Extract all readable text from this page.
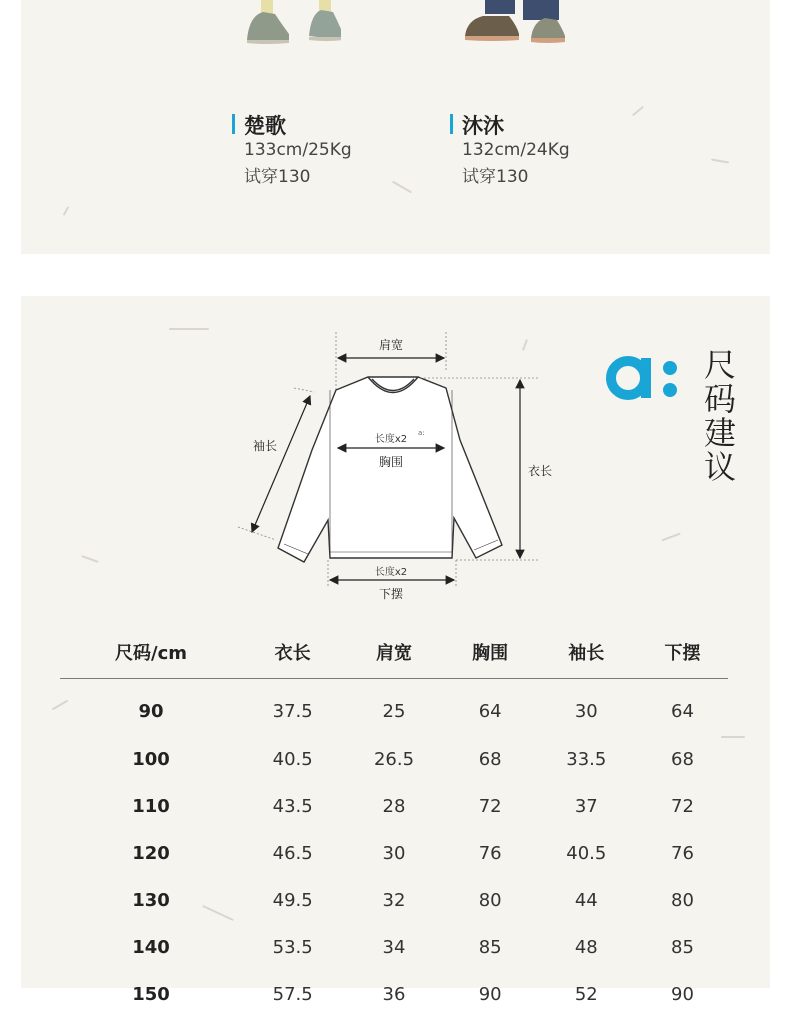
楚歌
133cm/25Kg
试穿130
沐沐
132cm/24Kg
试穿130
尺
码
建
议
肩宽
a:
袖长	长度x2
胸围
衣长
长度x2
下摆
尺码/cm	衣长	肩宽	胸围	袖长	下摆
90	37.5	25	64	30	64
100	40.5	26.5	68	33.5	68
110	43.5	28	72	37	72
120	46.5	30	76	40.5	76
130	49.5	32	80	44	80
140	53.5	34	85	48	85
150	57.5	36	90	52	90
